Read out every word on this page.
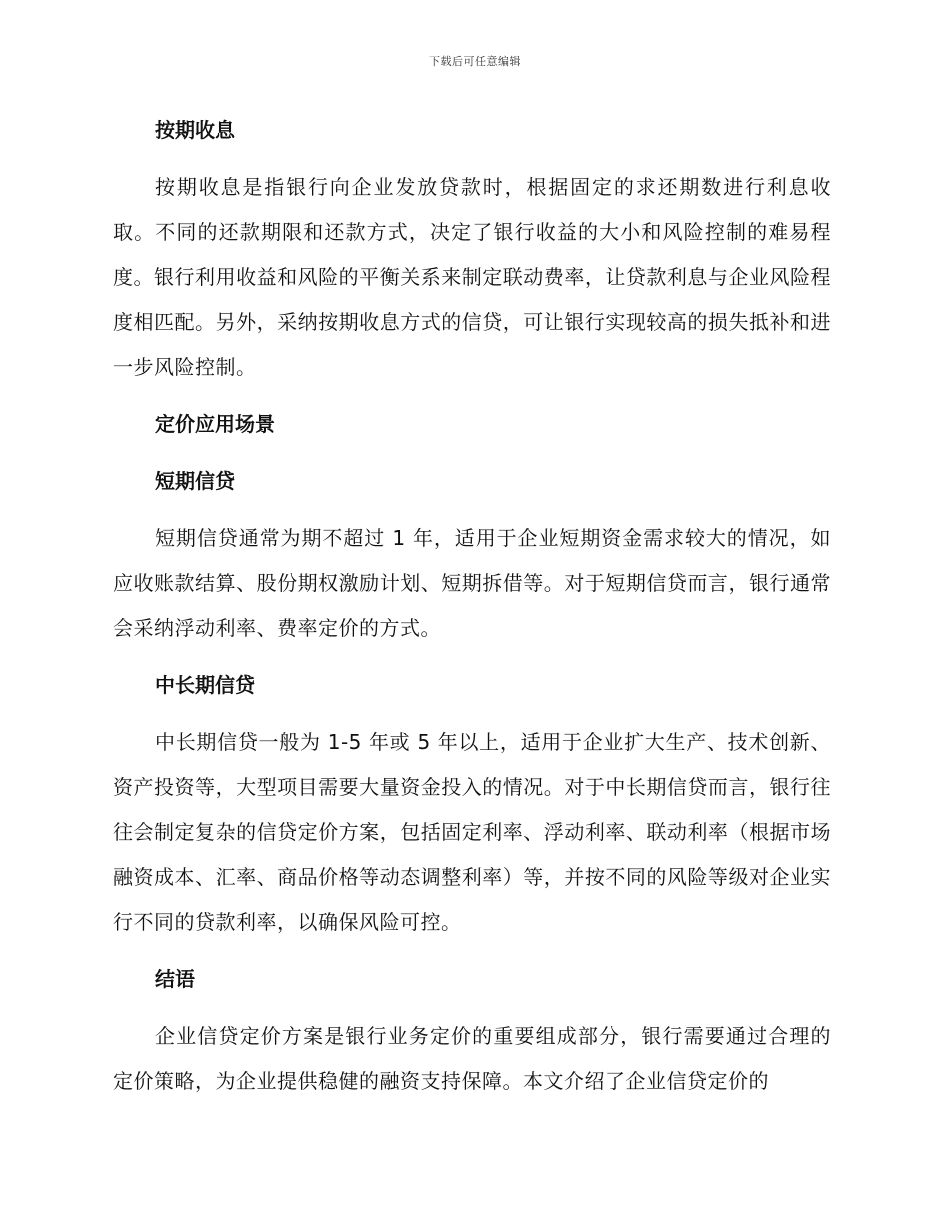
下载后可任意编辑
按期收息

按期收息是指银行向企业发放贷款时，根据固定的求还期数进行利息收取。不同的还款期限和还款方式，决定了银行收益的大小和风险控制的难易程度。银行利用收益和风险的平衡关系来制定联动费率，让贷款利息与企业风险程度相匹配。另外，采纳按期收息方式的信贷，可让银行实现较高的损失抵补和进一步风险控制。

定价应用场景
短期信贷

短期信贷通常为期不超过 1 年，适用于企业短期资金需求较大的情况，如应收账款结算、股份期权激励计划、短期拆借等。对于短期信贷而言，银行通常会采纳浮动利率、费率定价的方式。

中长期信贷

中长期信贷一般为 1-5 年或 5 年以上，适用于企业扩大生产、技术创新、资产投资等，大型项目需要大量资金投入的情况。对于中长期信贷而言，银行往往会制定复杂的信贷定价方案，包括固定利率、浮动利率、联动利率（根据市场融资成本、汇率、商品价格等动态调整利率）等，并按不同的风险等级对企业实行不同的贷款利率，以确保风险可控。

结语

企业信贷定价方案是银行业务定价的重要组成部分，银行需要通过合理的定价策略，为企业提供稳健的融资支持保障。本文介绍了企业信贷定价的
